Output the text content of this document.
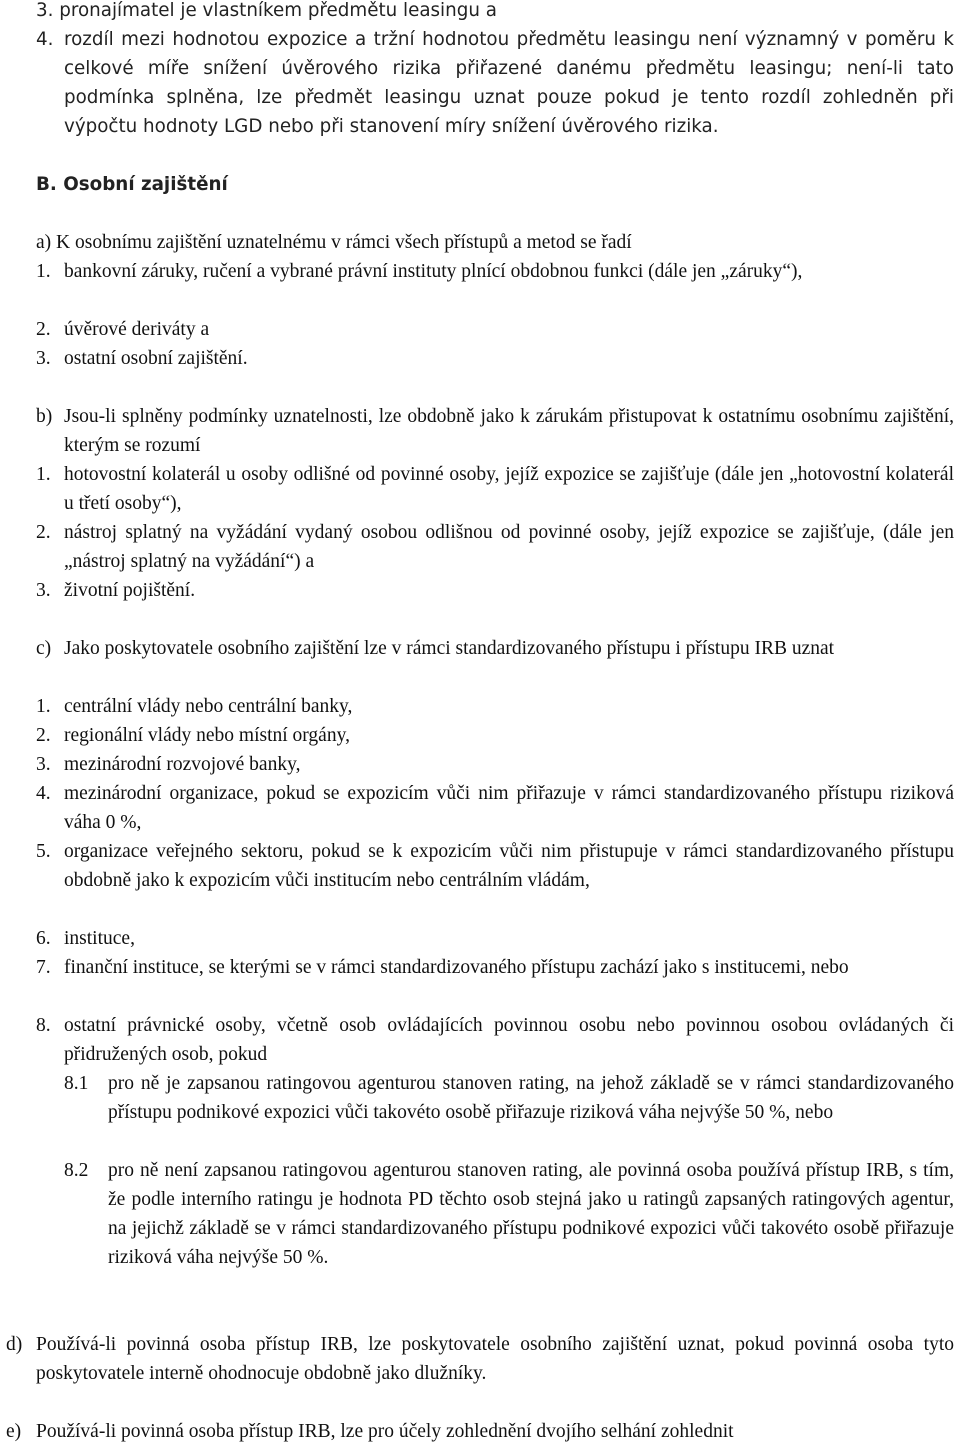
3. pronajímatel je vlastníkem předmětu leasingu a
4. rozdíl mezi hodnotou expozice a tržní hodnotou předmětu leasingu není významný v poměru k celkové míře snížení úvěrového rizika přiřazené danému předmětu leasingu; není-li tato podmínka splněna, lze předmět leasingu uznat pouze pokud je tento rozdíl zohledněn při výpočtu hodnoty LGD nebo při stanovení míry snížení úvěrového rizika.
B. Osobní zajištění
a) K osobnímu zajištění uznatelnému v rámci všech přístupů a metod se řadí
1. bankovní záruky, ručení a vybrané právní instituty plnící obdobnou funkci (dále jen „záruky“),
2. úvěrové deriváty a
3. ostatní osobní zajištění.
b) Jsou-li splněny podmínky uznatelnosti, lze obdobně jako k zárukám přistupovat k ostatnímu osobnímu zajištění, kterým se rozumí
1. hotovostní kolaterál u osoby odlišné od povinné osoby, jejíž expozice se zajišťuje (dále jen „hotovostní kolaterál u třetí osoby“),
2. nástroj splatný na vyžádání vydaný osobou odlišnou od povinné osoby, jejíž expozice se zajišťuje, (dále jen „nástroj splatný na vyžádání“) a
3. životní pojištění.
c) Jako poskytovatele osobního zajištění lze v rámci standardizovaného přístupu i přístupu IRB uznat
1. centrální vlády nebo centrální banky,
2. regionální vlády nebo místní orgány,
3. mezinárodní rozvojové banky,
4. mezinárodní organizace, pokud se expozicím vůči nim přiřazuje v rámci standardizovaného přístupu riziková váha 0 %,
5. organizace veřejného sektoru, pokud se k expozicím vůči nim přistupuje v rámci standardizovaného přístupu obdobně jako k expozicím vůči institucím nebo centrálním vládám,
6. instituce,
7. finanční instituce, se kterými se v rámci standardizovaného přístupu zachází jako s institucemi, nebo
8. ostatní právnické osoby, včetně osob ovládajících povinnou osobu nebo povinnou osobou ovládaných či přidružených osob, pokud
8.1 pro ně je zapsanou ratingovou agenturou stanoven rating, na jehož základě se v rámci standardizovaného přístupu podnikové expozici vůči takovéto osobě přiřazuje riziková váha nejvýše 50 %, nebo
8.2 pro ně není zapsanou ratingovou agenturou stanoven rating, ale povinná osoba používá přístup IRB, s tím, že podle interního ratingu je hodnota PD těchto osob stejná jako u ratingů zapsaných ratingových agentur, na jejichž základě se v rámci standardizovaného přístupu podnikové expozici vůči takovéto osobě přiřazuje riziková váha nejvýše 50 %.
d) Používá-li povinná osoba přístup IRB, lze poskytovatele osobního zajištění uznat, pokud povinná osoba tyto poskytovatele interně ohodnocuje obdobně jako dlužníky.
e) Používá-li povinná osoba přístup IRB, lze pro účely zohlednění dvojího selhání zohlednit
